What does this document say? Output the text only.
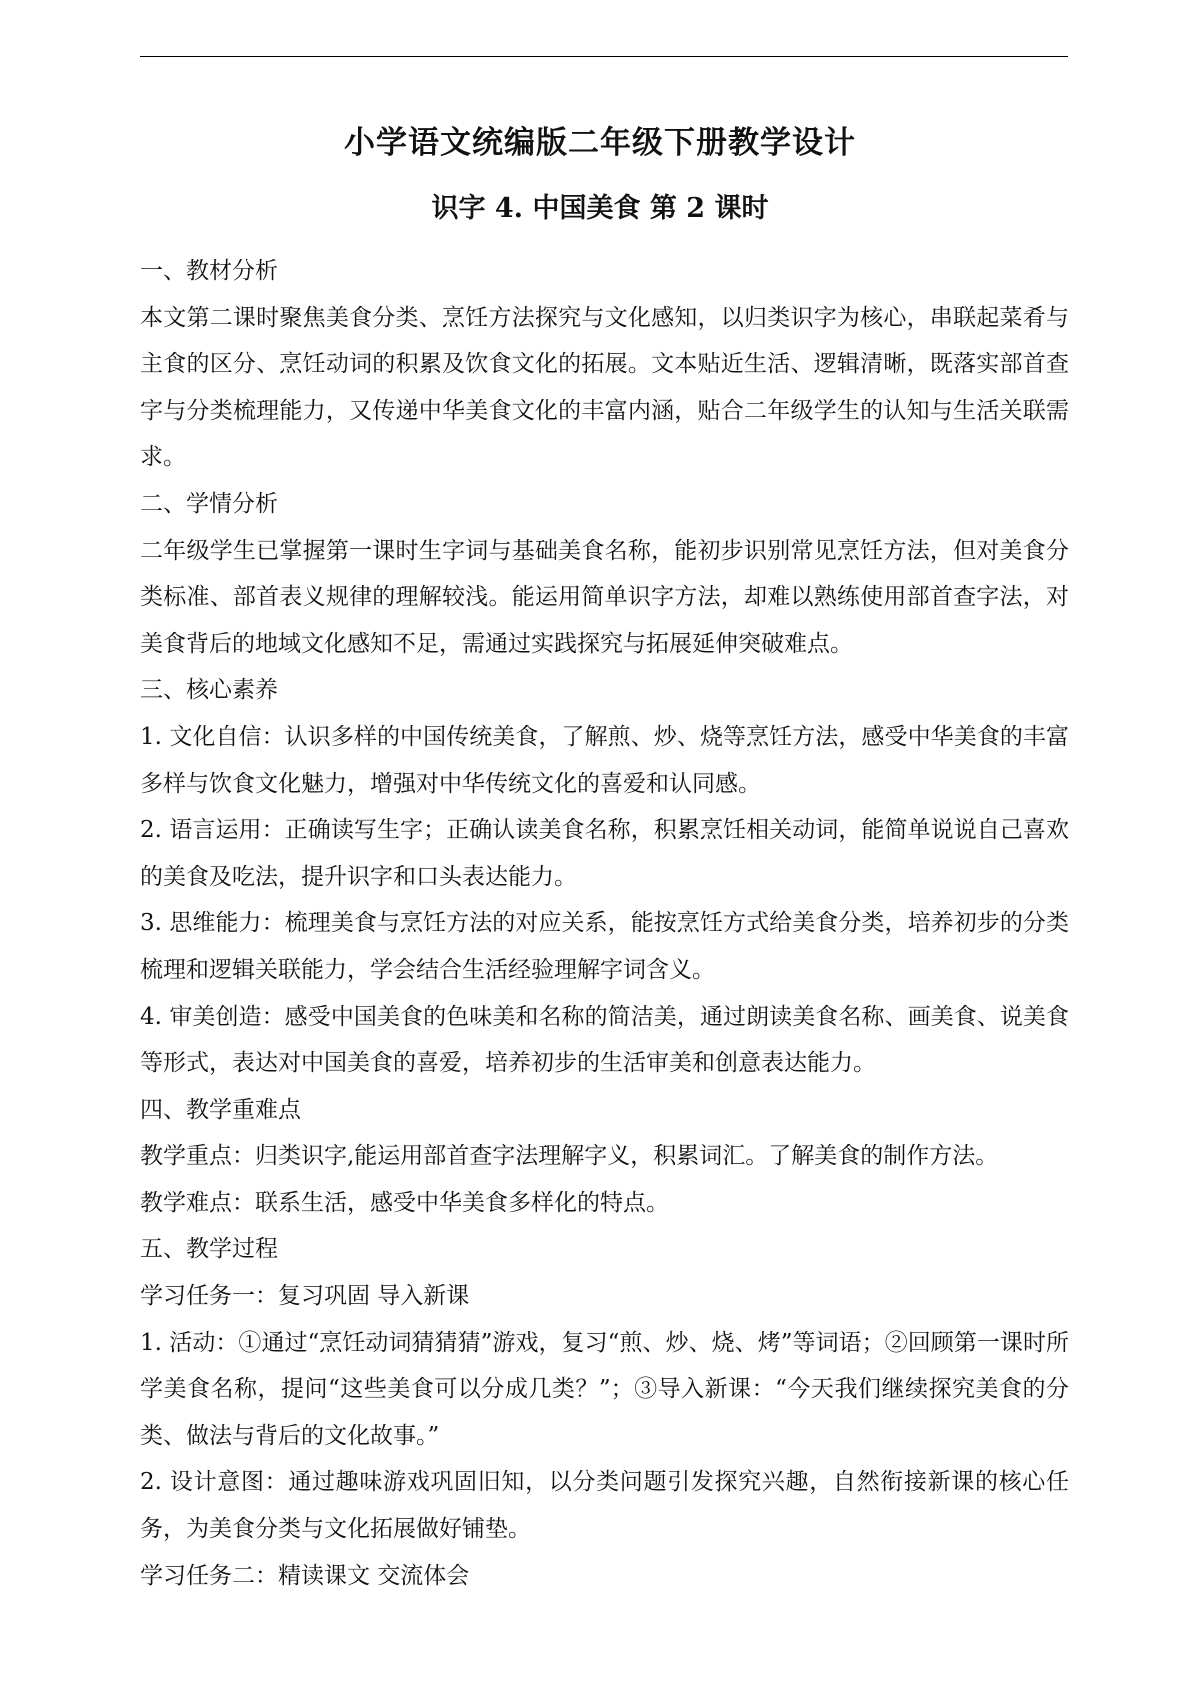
小学语文统编版二年级下册教学设计
识字 4. 中国美食 第 2 课时

一、教材分析

本文第二课时聚焦美食分类、烹饪方法探究与文化感知，以归类识字为核心，串联起菜肴与主食的区分、烹饪动词的积累及饮食文化的拓展。文本贴近生活、逻辑清晰，既落实部首查字与分类梳理能力，又传递中华美食文化的丰富内涵，贴合二年级学生的认知与生活关联需求。

二、学情分析

二年级学生已掌握第一课时生字词与基础美食名称，能初步识别常见烹饪方法，但对美食分类标准、部首表义规律的理解较浅。能运用简单识字方法，却难以熟练使用部首查字法，对美食背后的地域文化感知不足，需通过实践探究与拓展延伸突破难点。

三、核心素养

1. 文化自信：认识多样的中国传统美食，了解煎、炒、烧等烹饪方法，感受中华美食的丰富多样与饮食文化魅力，增强对中华传统文化的喜爱和认同感。

2. 语言运用：正确读写生字；正确认读美食名称，积累烹饪相关动词，能简单说说自己喜欢的美食及吃法，提升识字和口头表达能力。

3. 思维能力：梳理美食与烹饪方法的对应关系，能按烹饪方式给美食分类，培养初步的分类梳理和逻辑关联能力，学会结合生活经验理解字词含义。

4. 审美创造：感受中国美食的色味美和名称的简洁美，通过朗读美食名称、画美食、说美食等形式，表达对中国美食的喜爱，培养初步的生活审美和创意表达能力。

四、教学重难点

教学重点：归类识字,能运用部首查字法理解字义，积累词汇。了解美食的制作方法。

教学难点：联系生活，感受中华美食多样化的特点。

五、教学过程

学习任务一：复习巩固 导入新课

1. 活动：①通过“烹饪动词猜猜猜”游戏，复习“煎、炒、烧、烤”等词语；②回顾第一课时所学美食名称，提问“这些美食可以分成几类？”；③导入新课：“今天我们继续探究美食的分类、做法与背后的文化故事。”

2. 设计意图：通过趣味游戏巩固旧知，以分类问题引发探究兴趣，自然衔接新课的核心任务，为美食分类与文化拓展做好铺垫。

学习任务二：精读课文 交流体会
